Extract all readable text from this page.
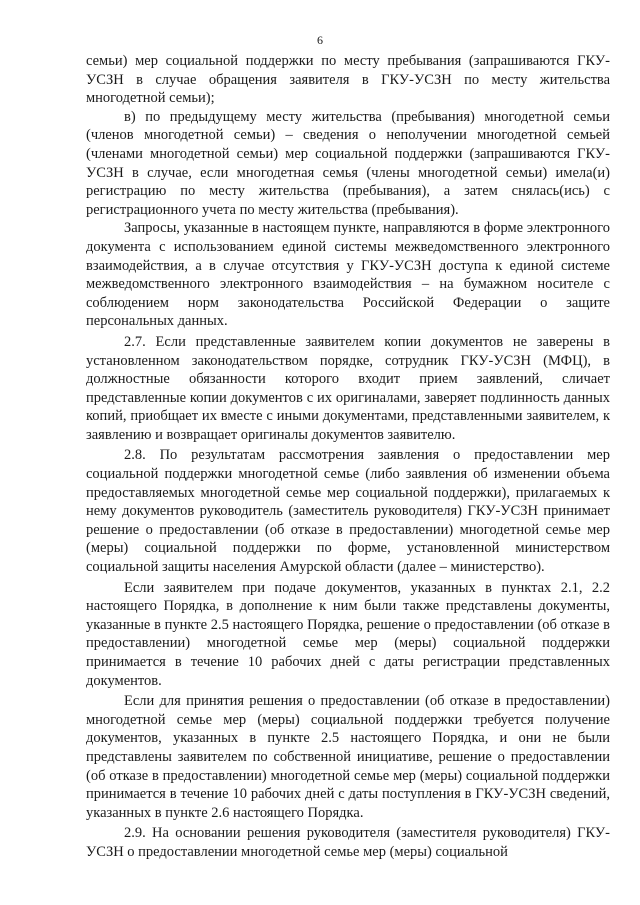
6

семьи) мер социальной поддержки по месту пребывания (запрашиваются ГКУ-УСЗН в случае обращения заявителя в ГКУ-УСЗН по месту жительства многодетной семьи);

в) по предыдущему месту жительства (пребывания) многодетной семьи (членов многодетной семьи) – сведения о неполучении многодетной семьей (членами многодетной семьи) мер социальной поддержки (запрашиваются ГКУ-УСЗН в случае, если многодетная семья (члены многодетной семьи) имела(и) регистрацию по месту жительства (пребывания), а затем снялась(ись) с регистрационного учета по месту жительства (пребывания).

Запросы, указанные в настоящем пункте, направляются в форме электронного документа с использованием единой системы межведомственного электронного взаимодействия, а в случае отсутствия у ГКУ-УСЗН доступа к единой системе межведомственного электронного взаимодействия – на бумажном носителе с соблюдением норм законодательства Российской Федерации о защите персональных данных.

2.7. Если представленные заявителем копии документов не заверены в установленном законодательством порядке, сотрудник ГКУ-УСЗН (МФЦ), в должностные обязанности которого входит прием заявлений, сличает представленные копии документов с их оригиналами, заверяет подлинность данных копий, приобщает их вместе с иными документами, представленными заявителем, к заявлению и возвращает оригиналы документов заявителю.

2.8. По результатам рассмотрения заявления о предоставлении мер социальной поддержки многодетной семье (либо заявления об изменении объема предоставляемых многодетной семье мер социальной поддержки), прилагаемых к нему документов руководитель (заместитель руководителя) ГКУ-УСЗН принимает решение о предоставлении (об отказе в предоставлении) многодетной семье мер (меры) социальной поддержки по форме, установленной министерством социальной защиты населения Амурской области (далее – министерство).

Если заявителем при подаче документов, указанных в пунктах 2.1, 2.2 настоящего Порядка, в дополнение к ним были также представлены документы, указанные в пункте 2.5 настоящего Порядка, решение о предоставлении (об отказе в предоставлении) многодетной семье мер (меры) социальной поддержки принимается в течение 10 рабочих дней с даты регистрации представленных документов.

Если для принятия решения о предоставлении (об отказе в предоставлении) многодетной семье мер (меры) социальной поддержки требуется получение документов, указанных в пункте 2.5 настоящего Порядка, и они не были представлены заявителем по собственной инициативе, решение о предоставлении (об отказе в предоставлении) многодетной семье мер (меры) социальной поддержки принимается в течение 10 рабочих дней с даты поступления в ГКУ-УСЗН сведений, указанных в пункте 2.6 настоящего Порядка.

2.9. На основании решения руководителя (заместителя руководителя) ГКУ-УСЗН о предоставлении многодетной семье мер (меры) социальной
